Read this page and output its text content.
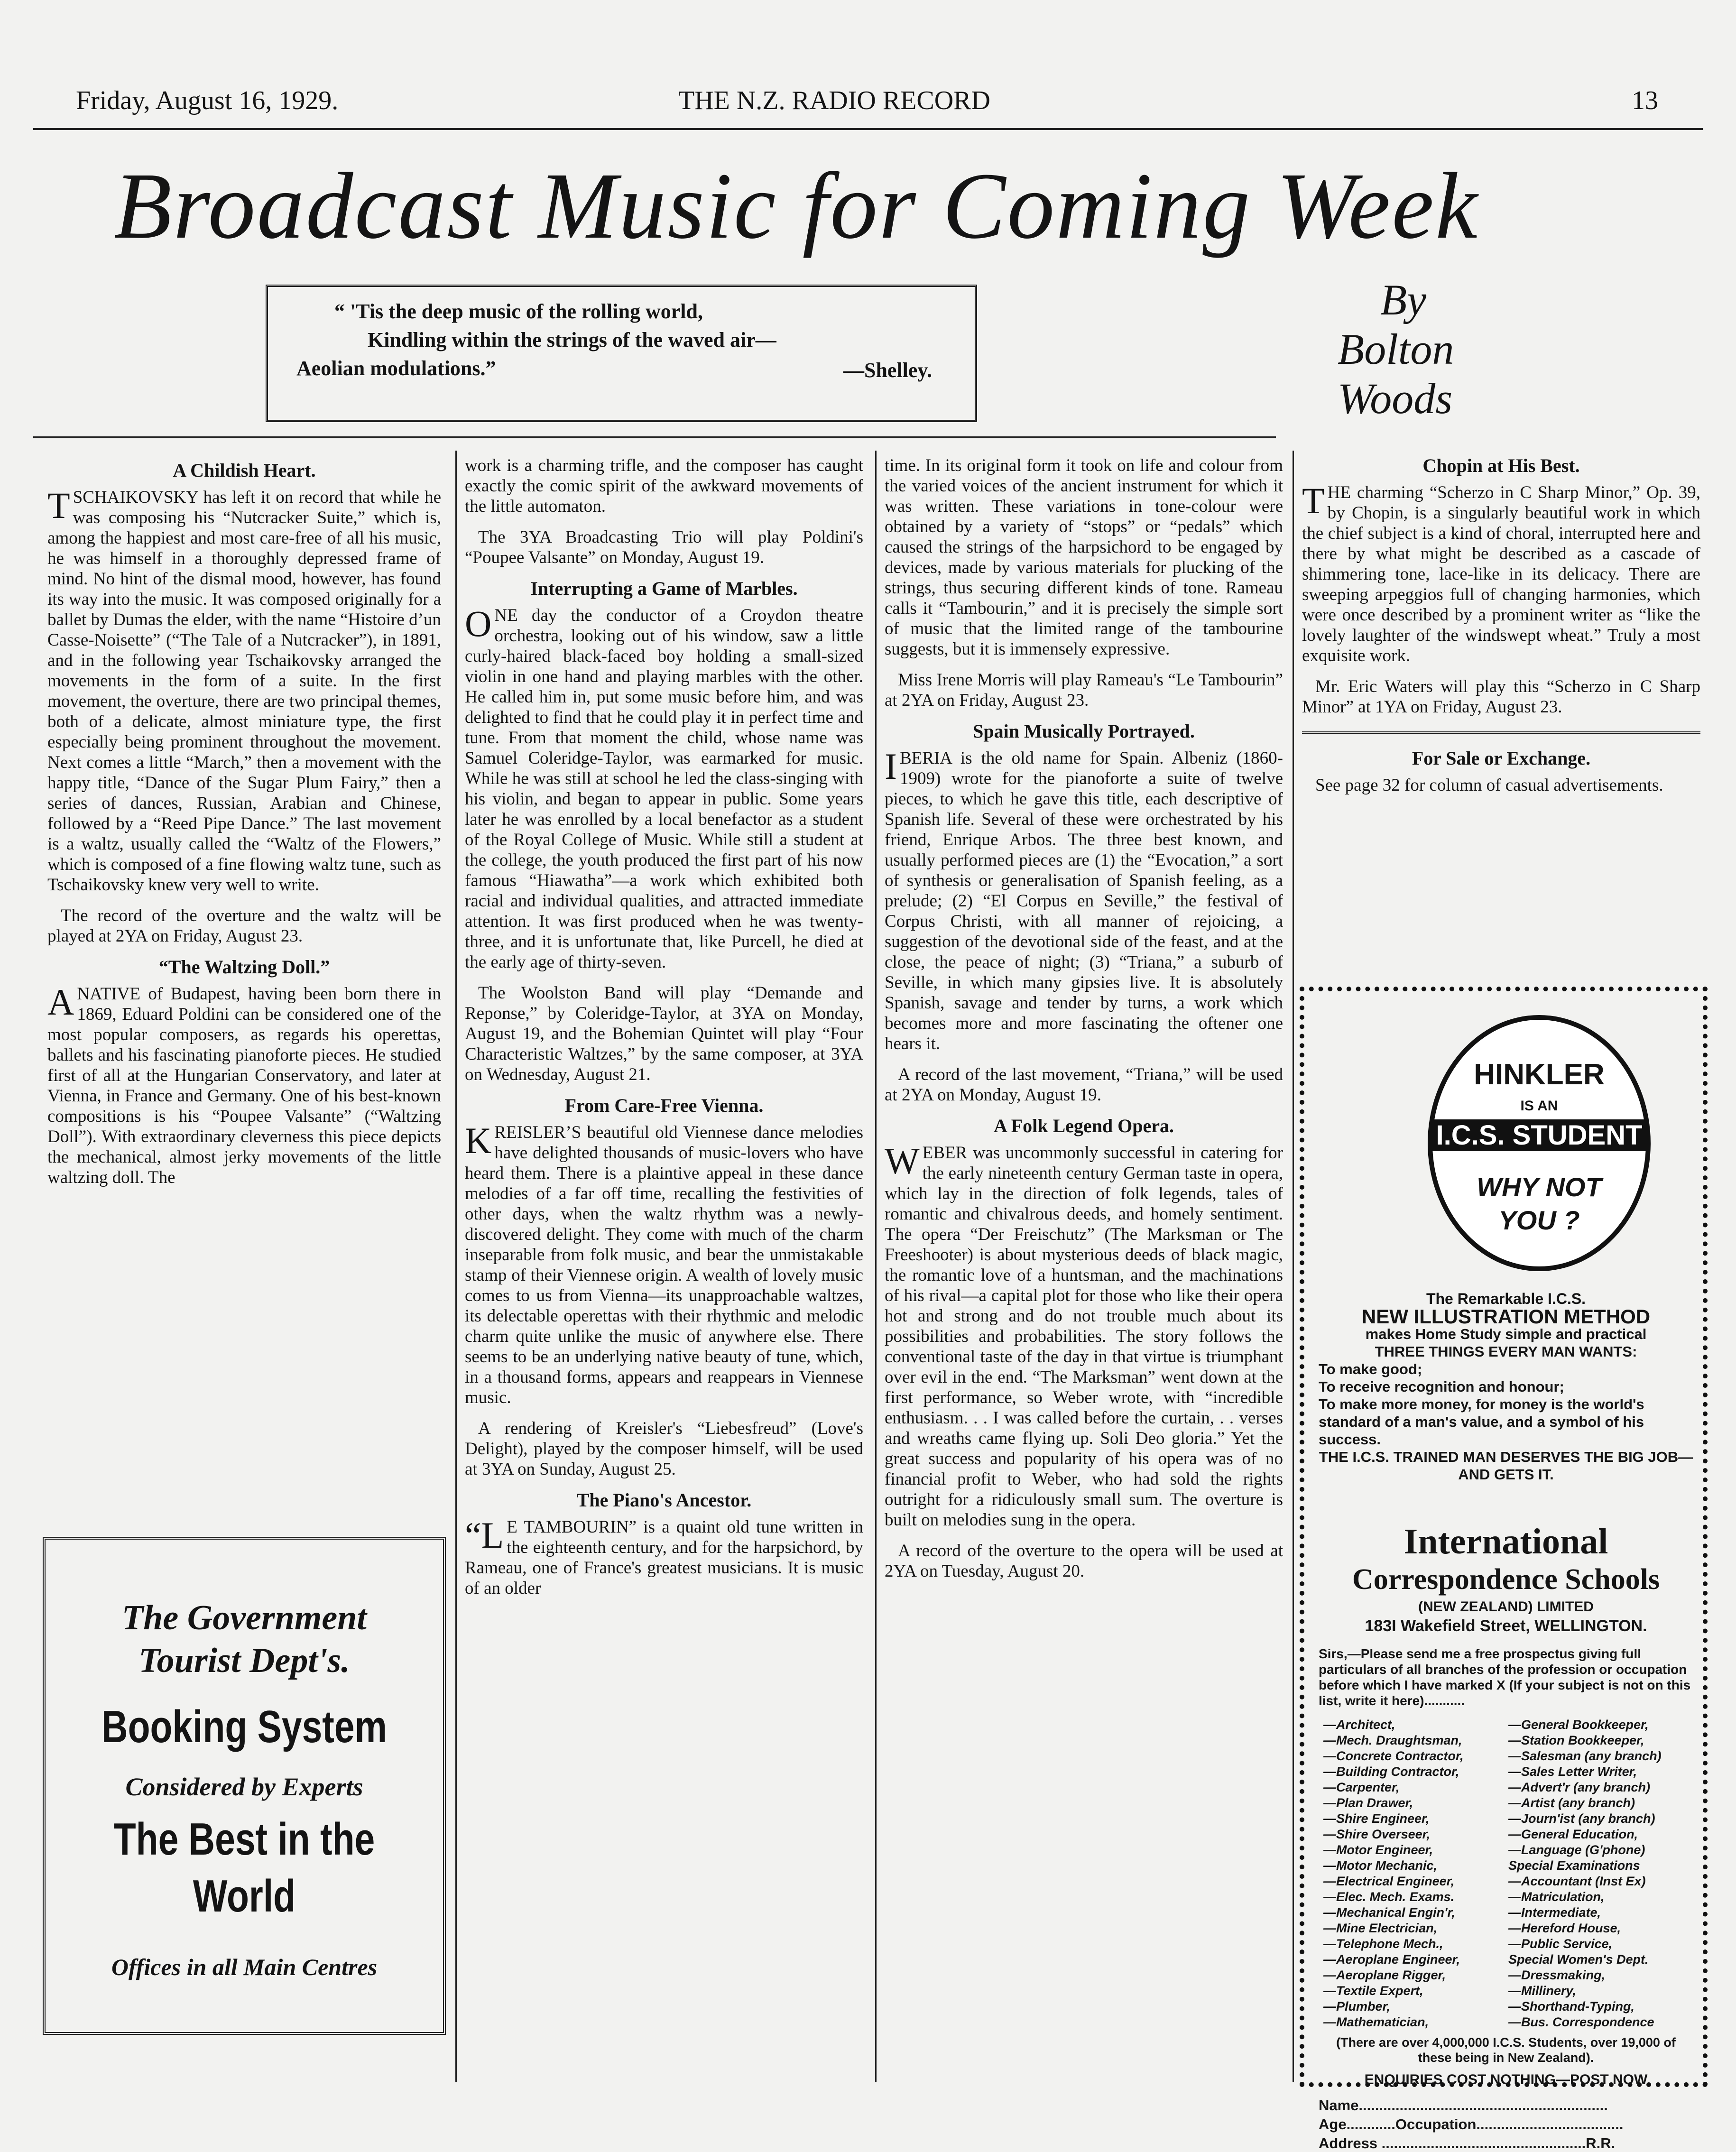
Friday, August 16, 1929.	THE N.Z. RADIO RECORD	13
Broadcast Music for Coming Week
“ 'Tis the deep music of the rolling world,
Kindling within the strings of the waved air—
Aeolian modulations.”	—Shelley.
By
Bolton
Woods
A Childish Heart.

TSCHAIKOVSKY has left it on record that while he was composing his “Nutcracker Suite,” which is, among the happiest and most care-free of all his music, he was himself in a thoroughly depressed frame of mind. No hint of the dismal mood, however, has found its way into the music. It was composed originally for a ballet by Dumas the elder, with the name “Histoire d’un Casse-Noisette” (“The Tale of a Nutcracker”), in 1891, and in the following year Tschaikovsky arranged the movements in the form of a suite. In the first movement, the overture, there are two principal themes, both of a delicate, almost miniature type, the first especially being prominent throughout the movement. Next comes a little “March,” then a movement with the happy title, “Dance of the Sugar Plum Fairy,” then a series of dances, Russian, Arabian and Chinese, followed by a “Reed Pipe Dance.” The last movement is a waltz, usually called the “Waltz of the Flowers,” which is composed of a fine flowing waltz tune, such as Tschaikovsky knew very well to write.

The record of the overture and the waltz will be played at 2YA on Friday, August 23.

“The Waltzing Doll.”

ANATIVE of Budapest, having been born there in 1869, Eduard Poldini can be considered one of the most popular composers, as regards his operettas, ballets and his fascinating pianoforte pieces. He studied first of all at the Hungarian Conservatory, and later at Vienna, in France and Germany. One of his best-known compositions is his “Poupee Valsante” (“Waltzing Doll”). With extraordinary cleverness this piece depicts the mechanical, almost jerky movements of the little waltzing doll. The

The Government
Tourist Dept's.
Booking System
Considered by Experts
The Best in the
World
Offices in all Main Centres

work is a charming trifle, and the composer has caught exactly the comic spirit of the awkward movements of the little automaton.

The 3YA Broadcasting Trio will play Poldini's “Poupee Valsante” on Monday, August 19.

Interrupting a Game of Marbles.

ONE day the conductor of a Croydon theatre orchestra, looking out of his window, saw a little curly-haired black-faced boy holding a small-sized violin in one hand and playing marbles with the other. He called him in, put some music before him, and was delighted to find that he could play it in perfect time and tune. From that moment the child, whose name was Samuel Coleridge-Taylor, was earmarked for music. While he was still at school he led the class-singing with his violin, and began to appear in public. Some years later he was enrolled by a local benefactor as a student of the Royal College of Music. While still a student at the college, the youth produced the first part of his now famous “Hiawatha”—a work which exhibited both racial and individual qualities, and attracted immediate attention. It was first produced when he was twenty-three, and it is unfortunate that, like Purcell, he died at the early age of thirty-seven.

The Woolston Band will play “Demande and Reponse,” by Coleridge-Taylor, at 3YA on Monday, August 19, and the Bohemian Quintet will play “Four Characteristic Waltzes,” by the same composer, at 3YA on Wednesday, August 21.

From Care-Free Vienna.

KREISLER’S beautiful old Viennese dance melodies have delighted thousands of music-lovers who have heard them. There is a plaintive appeal in these dance melodies of a far off time, recalling the festivities of other days, when the waltz rhythm was a newly-discovered delight. They come with much of the charm inseparable from folk music, and bear the unmistakable stamp of their Viennese origin. A wealth of lovely music comes to us from Vienna—its unapproachable waltzes, its delectable operettas with their rhythmic and melodic charm quite unlike the music of anywhere else. There seems to be an underlying native beauty of tune, which, in a thousand forms, appears and reappears in Viennese music.

A rendering of Kreisler's “Liebesfreud” (Love's Delight), played by the composer himself, will be used at 3YA on Sunday, August 25.

The Piano's Ancestor.

“LE TAMBOURIN” is a quaint old tune written in the eighteenth century, and for the harpsichord, by Rameau, one of France's greatest musicians. It is music of an older

time. In its original form it took on life and colour from the varied voices of the ancient instrument for which it was written. These variations in tone-colour were obtained by a variety of “stops” or “pedals” which caused the strings of the harpsichord to be engaged by devices, made by various materials for plucking of the strings, thus securing different kinds of tone. Rameau calls it “Tambourin,” and it is precisely the simple sort of music that the limited range of the tambourine suggests, but it is immensely expressive.

Miss Irene Morris will play Rameau's “Le Tambourin” at 2YA on Friday, August 23.

Spain Musically Portrayed.

IBERIA is the old name for Spain. Albeniz (1860-1909) wrote for the pianoforte a suite of twelve pieces, to which he gave this title, each descriptive of Spanish life. Several of these were orchestrated by his friend, Enrique Arbos. The three best known, and usually performed pieces are (1) the “Evocation,” a sort of synthesis or generalisation of Spanish feeling, as a prelude; (2) “El Corpus en Seville,” the festival of Corpus Christi, with all manner of rejoicing, a suggestion of the devotional side of the feast, and at the close, the peace of night; (3) “Triana,” a suburb of Seville, in which many gipsies live. It is absolutely Spanish, savage and tender by turns, a work which becomes more and more fascinating the oftener one hears it.

A record of the last movement, “Triana,” will be used at 2YA on Monday, August 19.

A Folk Legend Opera.

WEBER was uncommonly successful in catering for the early nineteenth century German taste in opera, which lay in the direction of folk legends, tales of romantic and chivalrous deeds, and homely sentiment. The opera “Der Freischutz” (The Marksman or The Freeshooter) is about mysterious deeds of black magic, the romantic love of a huntsman, and the machinations of his rival—a capital plot for those who like their opera hot and strong and do not trouble much about its possibilities and probabilities. The story follows the conventional taste of the day in that virtue is triumphant over evil in the end. “The Marksman” went down at the first performance, so Weber wrote, with “incredible enthusiasm. . . I was called before the curtain, . . verses and wreaths came flying up. Soli Deo gloria.” Yet the great success and popularity of his opera was of no financial profit to Weber, who had sold the rights outright for a ridiculously small sum. The overture is built on melodies sung in the opera.

A record of the overture to the opera will be used at 2YA on Tuesday, August 20.

Chopin at His Best.

THE charming “Scherzo in C Sharp Minor,” Op. 39, by Chopin, is a singularly beautiful work in which the chief subject is a kind of choral, interrupted here and there by what might be described as a cascade of shimmering tone, lace-like in its delicacy. There are sweeping arpeggios full of changing harmonies, which were once described by a prominent writer as “like the lovely laughter of the windswept wheat.” Truly a most exquisite work.

Mr. Eric Waters will play this “Scherzo in C Sharp Minor” at 1YA on Friday, August 23.

For Sale or Exchange.

See page 32 for column of casual advertisements.

HINKLER
IS AN
I.C.S. STUDENT
WHY NOT
YOU ?
The Remarkable I.C.S.
NEW ILLUSTRATION METHOD
makes Home Study simple and practical
THREE THINGS EVERY MAN WANTS:
To make good;
To receive recognition and honour;
To make more money, for money is the world's standard of a man's value, and a symbol of his success.
THE I.C.S. TRAINED MAN DESERVES THE BIG JOB—AND GETS IT.
International
Correspondence Schools
(NEW ZEALAND) LIMITED
183I Wakefield Street, WELLINGTON.
Sirs,—Please send me a free prospectus giving full particulars of all branches of the profession or occupation before which I have marked X (If your subject is not on this list, write it here)...........
—Architect,	—General Bookkeeper,
—Mech. Draughtsman,	—Station Bookkeeper,
—Concrete Contractor,	—Salesman (any branch)
—Building Contractor,	—Sales Letter Writer,
—Carpenter,	—Advert'r (any branch)
—Plan Drawer,	—Artist (any branch)
—Shire Engineer,	—Journ'ist (any branch)
—Shire Overseer,	—General Education,
—Motor Engineer,	—Language (G'phone)
—Motor Mechanic,	Special Examinations
—Electrical Engineer,	—Accountant (Inst Ex)
—Elec. Mech. Exams.	—Matriculation,
—Mechanical Engin'r,	—Intermediate,
—Mine Electrician,	—Hereford House,
—Telephone Mech.,	—Public Service,
—Aeroplane Engineer,	Special Women's Dept.
—Aeroplane Rigger,	—Dressmaking,
—Textile Expert,	—Millinery,
—Plumber,	—Shorthand-Typing,
—Mathematician,	—Bus. Correspondence
(There are over 4,000,000 I.C.S. Students, over 19,000 of these being in New Zealand).
ENQUIRIES COST NOTHING—POST NOW
Name.............................................................
Age............Occupation....................................
Address ..................................................R.R.
